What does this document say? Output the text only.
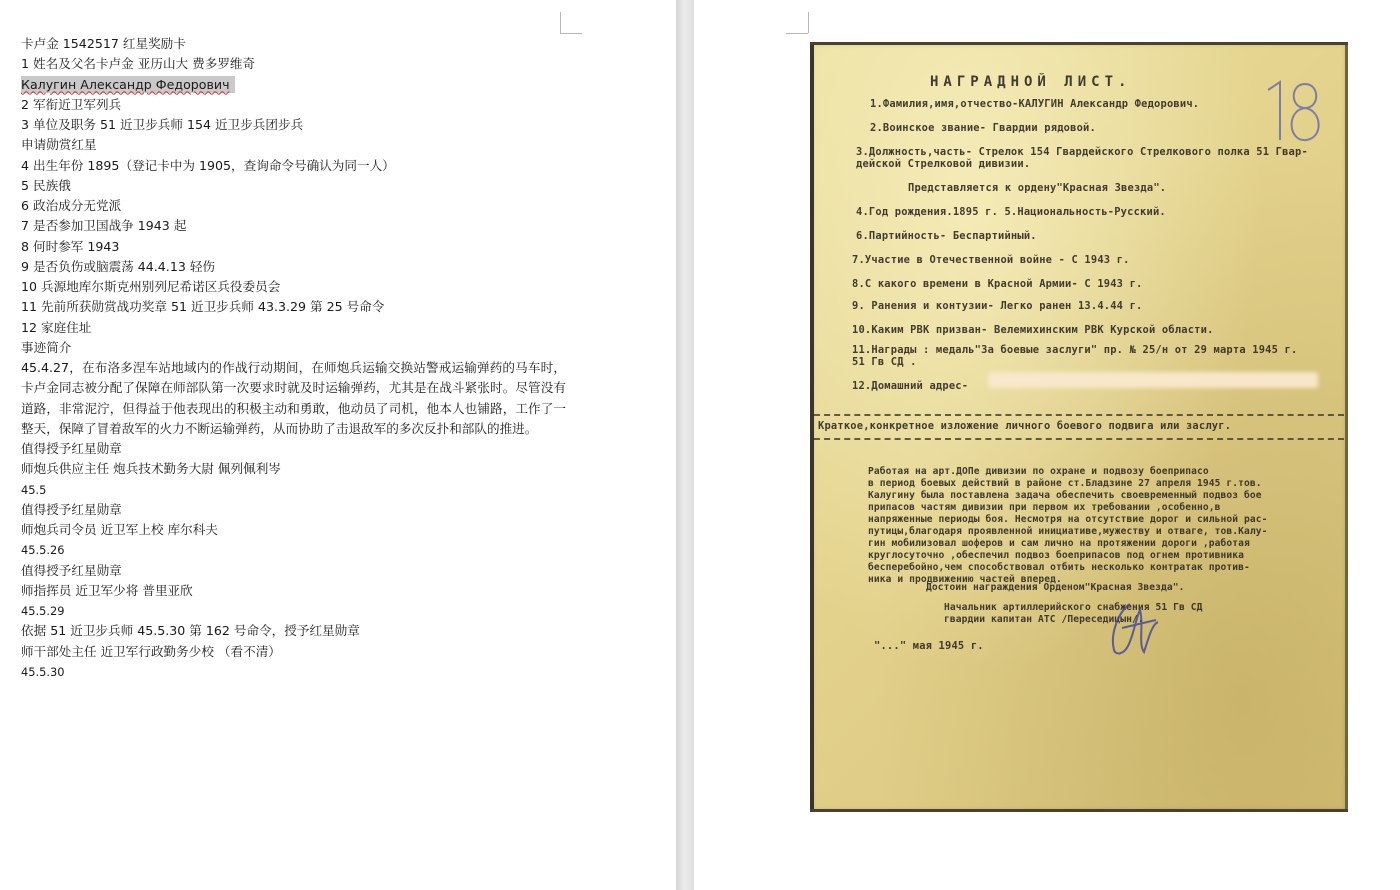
卡卢金 1542517 红星奖励卡
1 姓名及父名卡卢金 亚历山大 费多罗维奇
Калугин Александр Федорович
2 军衔近卫军列兵
3 单位及职务 51 近卫步兵师 154 近卫步兵团步兵
申请勋赏红星
4 出生年份 1895（登记卡中为 1905，查询命令号确认为同一人）
5 民族俄
6 政治成分无党派
7 是否参加卫国战争 1943 起
8 何时参军 1943
9 是否负伤或脑震荡 44.4.13 轻伤
10 兵源地库尔斯克州别列尼希诺区兵役委员会
11 先前所获勋赏战功奖章 51 近卫步兵师 43.3.29 第 25 号命令
12 家庭住址
事迹简介
45.4.27，在布洛多涅车站地域内的作战行动期间，在师炮兵运输交换站警戒运输弹药的马车时，卡卢金同志被分配了保障在师部队第一次要求时就及时运输弹药，尤其是在战斗紧张时。尽管没有道路，非常泥泞，但得益于他表现出的积极主动和勇敢，他动员了司机，他本人也铺路，工作了一整天，保障了冒着敌军的火力不断运输弹药，从而协助了击退敌军的多次反扑和部队的推进。
值得授予红星勋章
师炮兵供应主任 炮兵技术勤务大尉 佩列佩利岑
45.5
值得授予红星勋章
师炮兵司令员 近卫军上校 库尔科夫
45.5.26
值得授予红星勋章
师指挥员 近卫军少将 普里亚欣
45.5.29
依据 51 近卫步兵师 45.5.30 第 162 号命令，授予红星勋章
师干部处主任 近卫军行政勤务少校 （看不清）
45.5.30
НАГРАДНОЙ ЛИСТ.
1.Фамилия,имя,отчество-КАЛУГИН Александр Федорович.
2.Воинское звание- Гвардии рядовой.
3.Должность,часть- Стрелок 154 Гвардейского Стрелкового полка 51 Гвар-
дейской Стрелковой дивизии.
Представляется к ордену"Красная Звезда".
4.Год рождения.1895 г. 5.Национальность-Русский.
6.Партийность- Беспартийный.
7.Участие в Отечественной войне - С 1943 г.
8.С какого времени в Красной Армии- С 1943 г.
9. Ранения и контузии- Легко ранен 13.4.44 г.
10.Каким РВК призван- Велемихинским РВК Курской области.
11.Награды : медаль"За боевые заслуги" пр. № 25/н от 29 марта 1945 г.
51 Гв СД .
12.Домашний адрес-
Краткое,конкретное изложение личного боевого подвига или заслуг.
Работая на арт.ДОПе дивизии по охране и подвозу боеприпасо
в период боевых действий в районе ст.Бладзине 27 апреля 1945 г.тов.
Калугину была поставлена задача обеспечить своевременный подвоз бое
припасов частям дивизии при первом их требовании ,особенно,в
напряженные периоды боя. Несмотря на отсутствие дорог и сильной рас-
путицы,благодаря проявленной инициативе,мужеству и отваге, тов.Калу-
гин мобилизовал шоферов и сам лично на протяжении дороги ,работая
круглосуточно ,обеспечил подвоз боеприпасов под огнем противника
бесперебойно,чем способствовал отбить несколько контратак против-
ника и продвижению частей вперед.
Достоин награждения Орденом"Красная Звезда".
Начальник артиллерийского снабжения 51 Гв СД
гвардии капитан АТС /Переседицын/.
"..." мая 1945 г.
